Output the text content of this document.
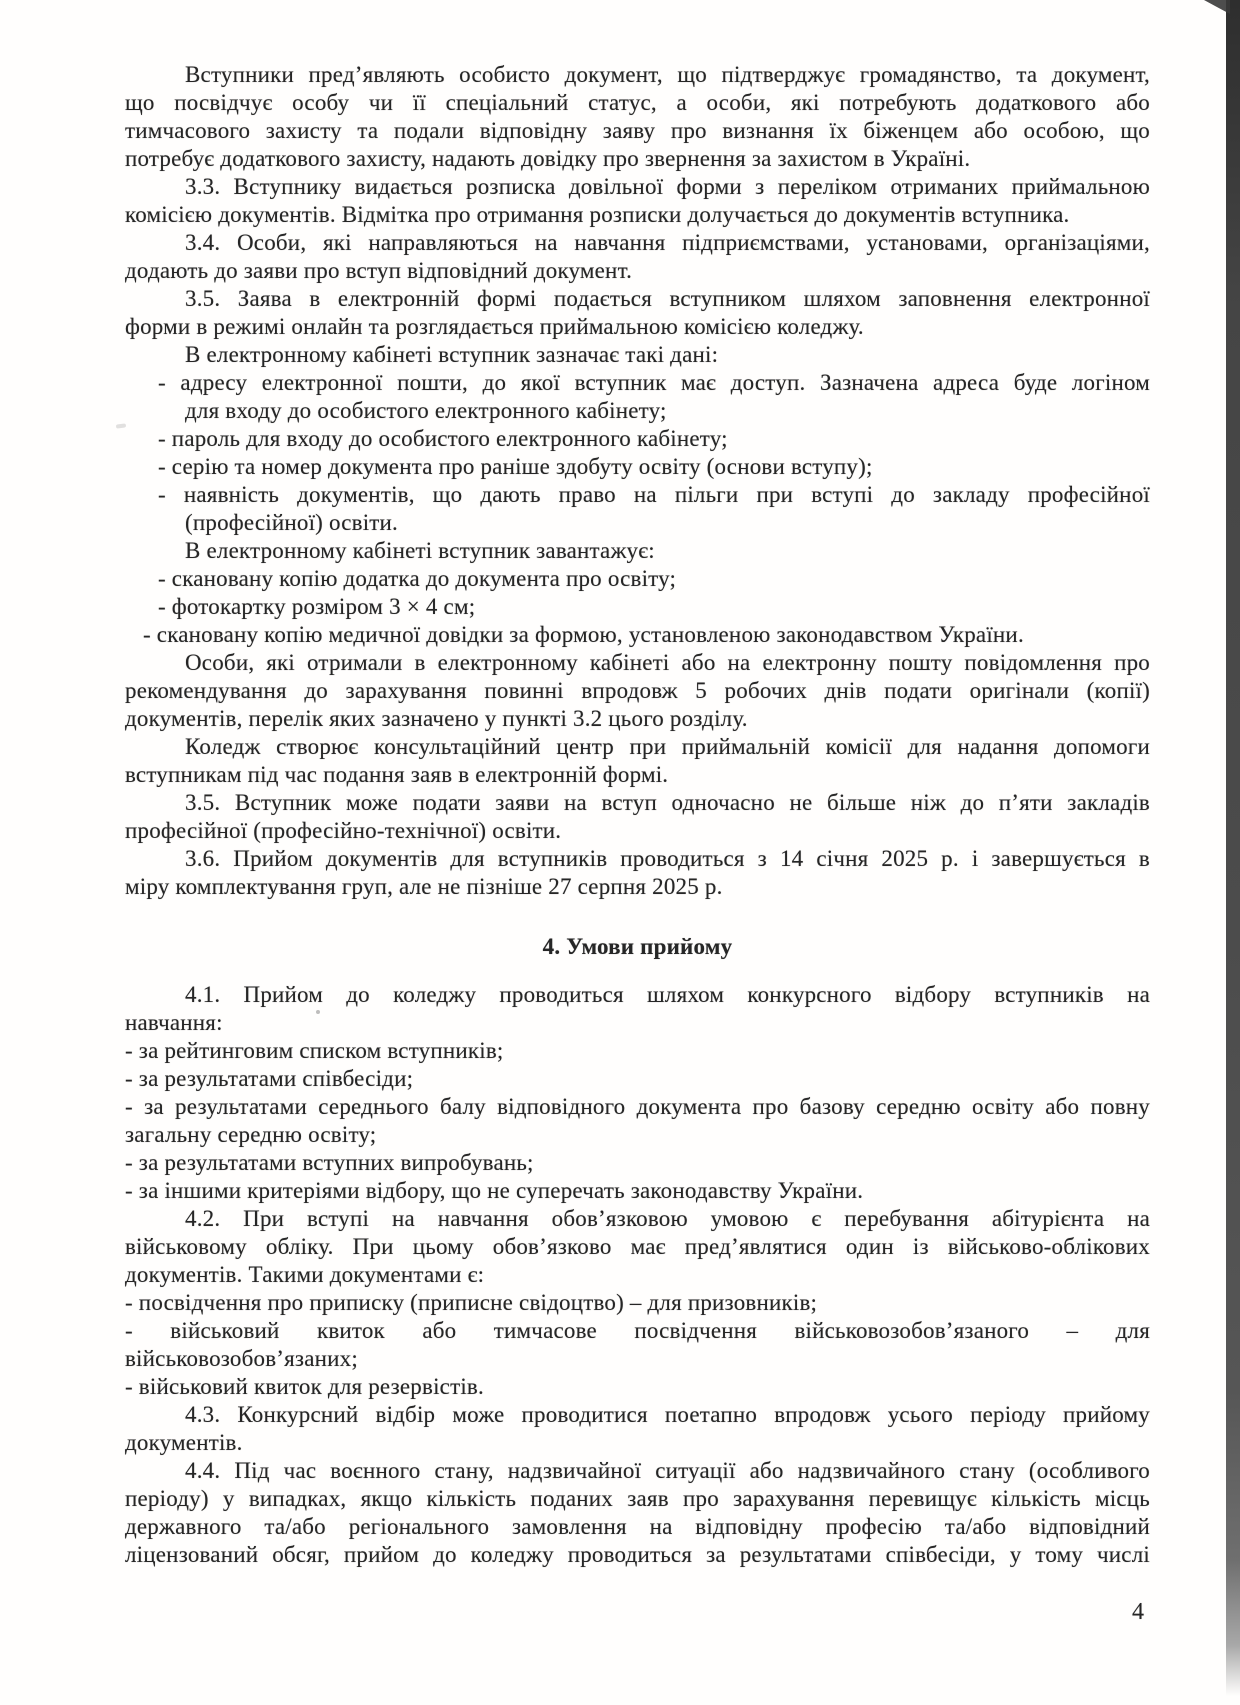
Вступники пред’являють особисто документ, що підтверджує громадянство, та документ,
що посвідчує особу чи її спеціальний статус, а особи, які потребують додаткового або
тимчасового захисту та подали відповідну заяву про визнання їх біженцем або особою, що
потребує додаткового захисту, надають довідку про звернення за захистом в Україні.
3.3. Вступнику видається розписка довільної форми з переліком отриманих приймальною
комісією документів. Відмітка про отримання розписки долучається до документів вступника.
3.4. Особи, які направляються на навчання підприємствами, установами, організаціями,
додають до заяви про вступ відповідний документ.
3.5. Заява в електронній формі подається вступником шляхом заповнення електронної
форми в режимі онлайн та розглядається приймальною комісією коледжу.
В електронному кабінеті вступник зазначає такі дані:
- адресу електронної пошти, до якої вступник має доступ. Зазначена адреса буде логіном
для входу до особистого електронного кабінету;
- пароль для входу до особистого електронного кабінету;
- серію та номер документа про раніше здобуту освіту (основи вступу);
- наявність документів, що дають право на пільги при вступі до закладу професійної
(професійної) освіти.
В електронному кабінеті вступник завантажує:
- скановану копію додатка до документа про освіту;
- фотокартку розміром 3 × 4 см;
- скановану копію медичної довідки за формою, установленою законодавством України.
Особи, які отримали в електронному кабінеті або на електронну пошту повідомлення про
рекомендування до зарахування повинні впродовж 5 робочих днів подати оригінали (копії)
документів, перелік яких зазначено у пункті 3.2 цього розділу.
Коледж створює консультаційний центр при приймальній комісії для надання допомоги
вступникам під час подання заяв в електронній формі.
3.5. Вступник може подати заяви на вступ одночасно не більше ніж до п’яти закладів
професійної (професійно-технічної) освіти.
3.6. Прийом документів для вступників проводиться з 14 січня 2025 р. і завершується в
міру комплектування груп, але не пізніше 27 серпня 2025 р.
4. Умови прийому
4.1. Прийом до коледжу проводиться шляхом конкурсного відбору вступників на
навчання:
- за рейтинговим списком вступників;
- за результатами співбесіди;
- за результатами середнього балу відповідного документа про базову середню освіту або повну
загальну середню освіту;
- за результатами вступних випробувань;
- за іншими критеріями відбору, що не суперечать законодавству України.
4.2. При вступі на навчання обов’язковою умовою є перебування абітурієнта на
військовому обліку. При цьому обов’язково має пред’являтися один із військово-облікових
документів. Такими документами є:
- посвідчення про приписку (приписне свідоцтво) – для призовників;
- військовий квиток або тимчасове посвідчення військовозобов’язаного – для
військовозобов’язаних;
- військовий квиток для резервістів.
4.3. Конкурсний відбір може проводитися поетапно впродовж усього періоду прийому
документів.
4.4. Під час воєнного стану, надзвичайної ситуації або надзвичайного стану (особливого
періоду) у випадках, якщо кількість поданих заяв про зарахування перевищує кількість місць
державного та/або регіонального замовлення на відповідну професію та/або відповідний
ліцензований обсяг, прийом до коледжу проводиться за результатами співбесіди, у тому числі
4
